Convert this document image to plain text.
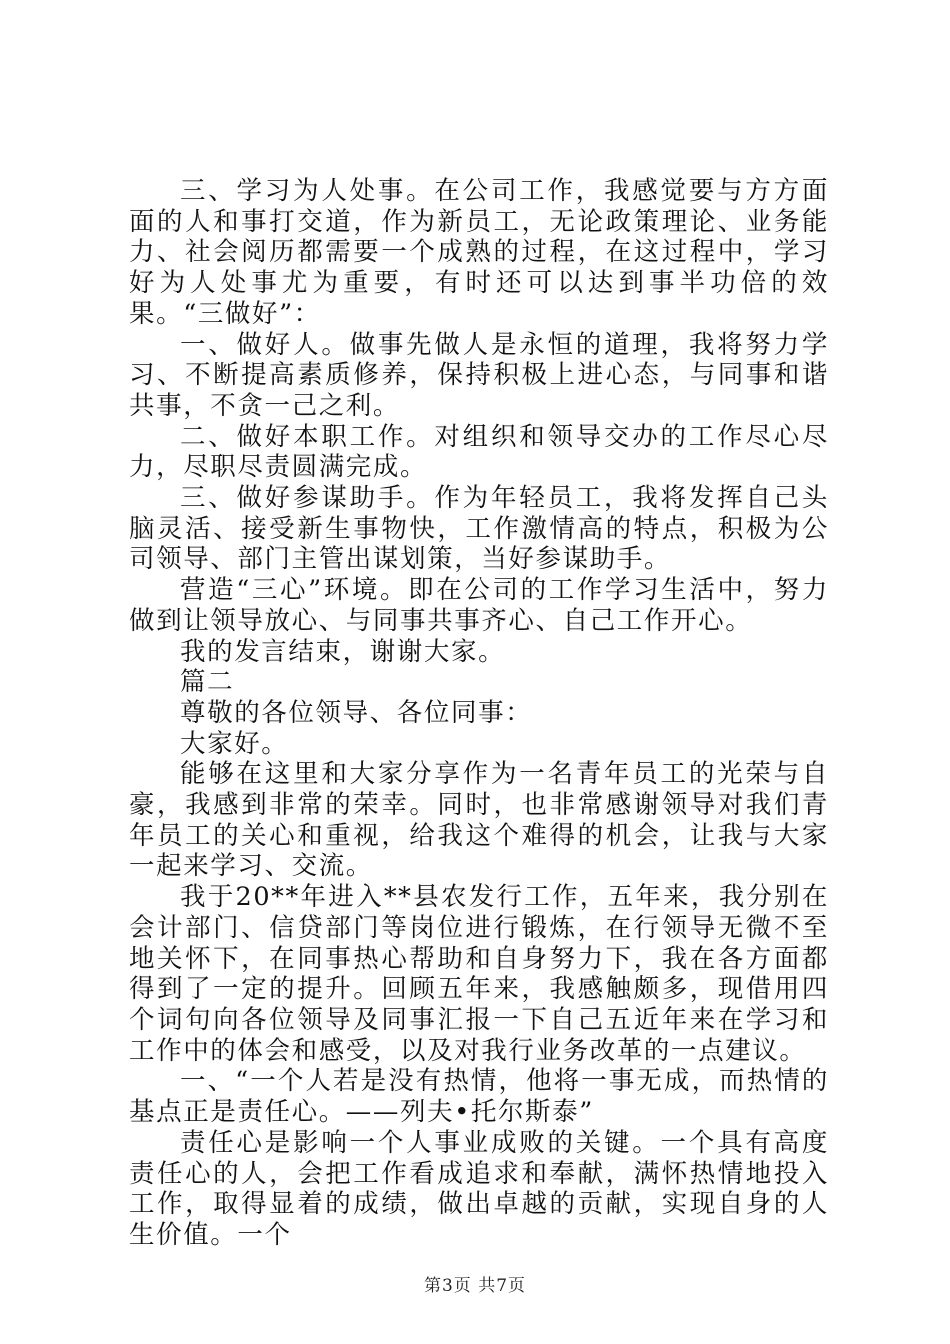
三、学习为人处事。在公司工作，我感觉要与方方面面的人和事打交道，作为新员工，无论政策理论、业务能力、社会阅历都需要一个成熟的过程，在这过程中，学习好为人处事尤为重要，有时还可以达到事半功倍的效果。“三做好”：

一、做好人。做事先做人是永恒的道理，我将努力学习、不断提高素质修养，保持积极上进心态，与同事和谐共事，不贪一己之利。

二、做好本职工作。对组织和领导交办的工作尽心尽力，尽职尽责圆满完成。

三、做好参谋助手。作为年轻员工，我将发挥自己头脑灵活、接受新生事物快，工作激情高的特点，积极为公司领导、部门主管出谋划策，当好参谋助手。

营造“三心”环境。即在公司的工作学习生活中，努力做到让领导放心、与同事共事齐心、自己工作开心。

我的发言结束，谢谢大家。

篇二

尊敬的各位领导、各位同事：

大家好。

能够在这里和大家分享作为一名青年员工的光荣与自豪，我感到非常的荣幸。同时，也非常感谢领导对我们青年员工的关心和重视，给我这个难得的机会，让我与大家一起来学习、交流。

我于20**年进入**县农发行工作，五年来，我分别在会计部门、信贷部门等岗位进行锻炼，在行领导无微不至地关怀下，在同事热心帮助和自身努力下，我在各方面都得到了一定的提升。回顾五年来，我感触颇多，现借用四个词句向各位领导及同事汇报一下自己五近年来在学习和工作中的体会和感受，以及对我行业务改革的一点建议。

一、“一个人若是没有热情，他将一事无成，而热情的基点正是责任心。——列夫•托尔斯泰”

责任心是影响一个人事业成败的关键。一个具有高度责任心的人，会把工作看成追求和奉献，满怀热情地投入工作，取得显着的成绩，做出卓越的贡献，实现自身的人生价值。一个

第3页 共7页
